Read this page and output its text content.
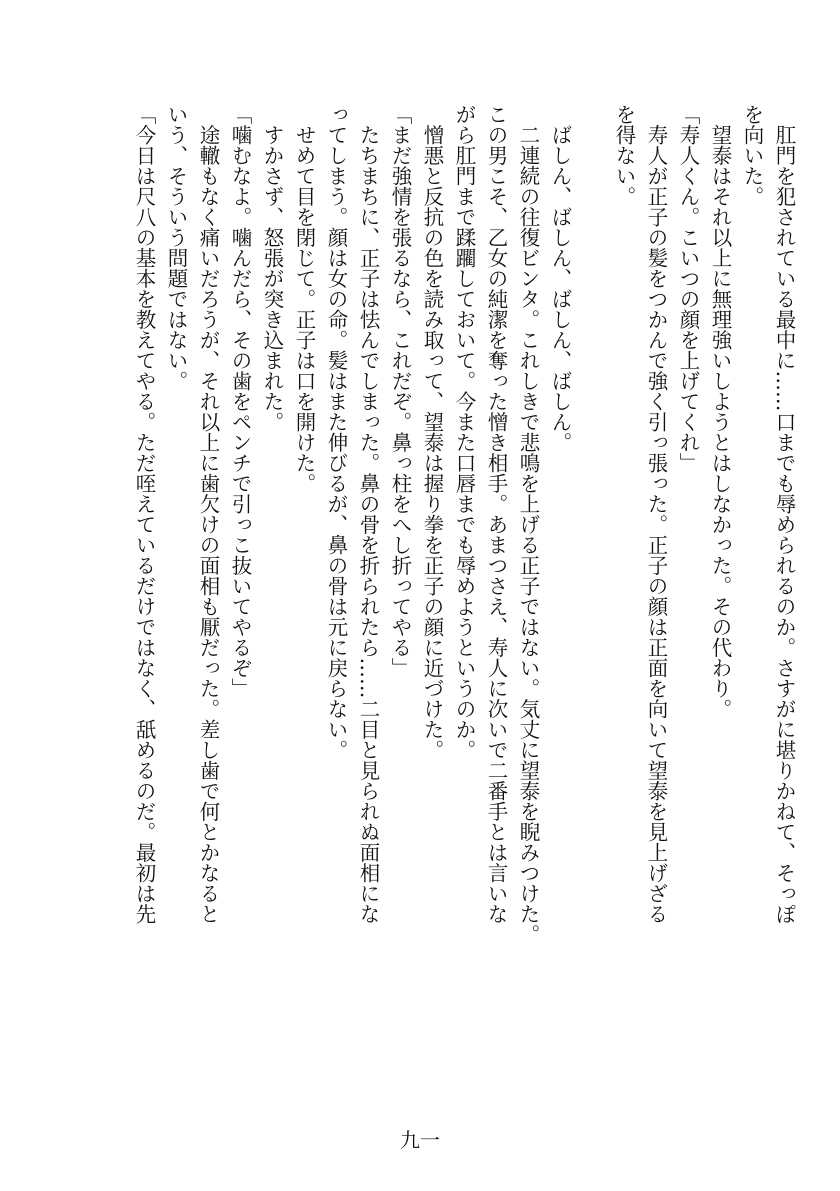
　肛門を犯されている最中に……口までも辱められるのか。さすがに堪りかねて、そっぽ
を向いた。
　望泰はそれ以上に無理強いしようとはしなかった。その代わり。
「寿人くん。こいつの顔を上げてくれ」
　寿人が正子の髪をつかんで強く引っ張った。正子の顔は正面を向いて望泰を見上げざる
を得ない。
　ばしん、ばしん、ばしん、ばしん。
　二連続の往復ビンタ。これしきで悲鳴を上げる正子ではない。気丈に望泰を睨みつけた。
この男こそ、乙女の純潔を奪った憎き相手。あまつさえ、寿人に次いで二番手とは言いな
がら肛門まで蹂躙しておいて。今また口唇までも辱めようというのか。
　憎悪と反抗の色を読み取って、望泰は握り拳を正子の顔に近づけた。
「まだ強情を張るなら、これだぞ。鼻っ柱をへし折ってやる」
　たちまちに、正子は怯んでしまった。鼻の骨を折られたら……二目と見られぬ面相にな
ってしまう。顔は女の命。髪はまた伸びるが、鼻の骨は元に戻らない。
　せめて目を閉じて。正子は口を開けた。
　すかさず、怒張が突き込まれた。
「噛むなよ。噛んだら、その歯をペンチで引っこ抜いてやるぞ」
　途轍もなく痛いだろうが、それ以上に歯欠けの面相も厭だった。差し歯で何とかなると
いう、そういう問題ではない。
「今日は尺八の基本を教えてやる。ただ咥えているだけではなく、舐めるのだ。最初は先
九一
